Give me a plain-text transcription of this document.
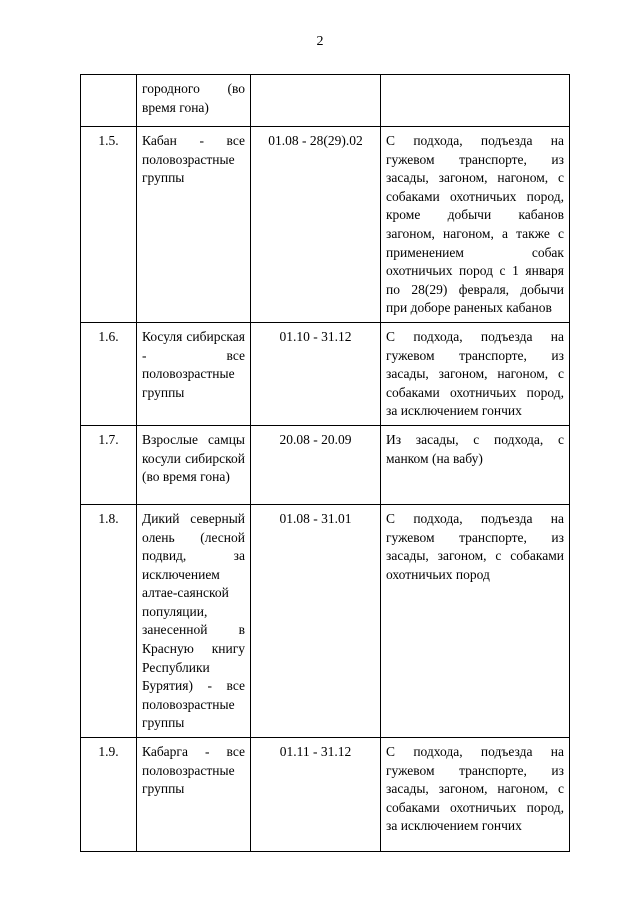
2
	городного (во время гона)		
1.5.	Кабан - все половозрастные группы	01.08 - 28(29).02	С подхода, подъезда на гужевом транспорте, из засады, загоном, нагоном, с собаками охотничьих пород, кроме добычи кабанов загоном, нагоном, а также с применением собак охотничьих пород с 1 января по 28(29) февраля, добычи при доборе раненых кабанов
1.6.	Косуля сибирская - все половозрастные группы	01.10 - 31.12	С подхода, подъезда на гужевом транспорте, из засады, загоном, нагоном, с собаками охотничьих пород, за исключением гончих
1.7.	Взрослые самцы косули сибирской (во время гона)	20.08 - 20.09	Из засады, с подхода, с манком (на вабу)
1.8.	Дикий северный олень (лесной подвид, за исключением алтае-саянской популяции, занесенной в Красную книгу Республики Бурятия) - все половозрастные группы	01.08 - 31.01	С подхода, подъезда на гужевом транспорте, из засады, загоном, с собаками охотничьих пород
1.9.	Кабарга - все половозрастные группы	01.11 - 31.12	С подхода, подъезда на гужевом транспорте, из засады, загоном, нагоном, с собаками охотничьих пород, за исключением гончих
